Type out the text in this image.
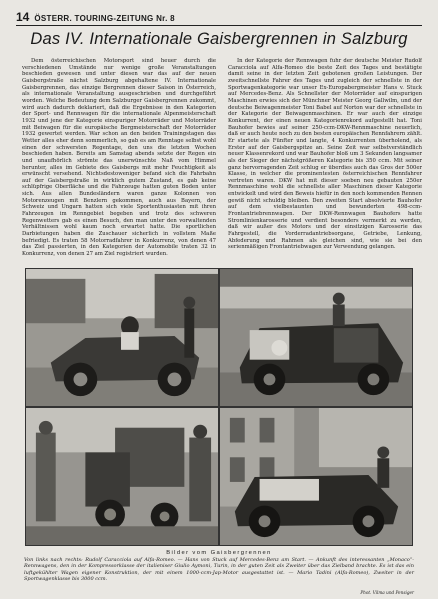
14 ÖSTERR. TOURING-ZEITUNG Nr. 8
Das IV. Internationale Gaisbergrennen in Salzburg

Dem österreichischen Motorsport sind heuer durch die verschiedenen Umstände nur wenige große Veranstaltungen beschieden gewesen und unter diesen war das auf der neuen Gaisbergstraße nächst Salzburg abgehaltene IV. Internationale Gaisbergrennen, das einzige Bergrennen dieser Saison in Österreich, als internationale Veranstaltung ausgeschrieben und durchgeführt worden. Welche Bedeutung dem Salzburger Gaisbergrennen zukommt, wird auch dadurch deklariert, daß die Ergebnisse in den Kategorien der Sport- und Rennwagen für die internationale Alpenmeisterschaft 1932 und jene der Kategorie einspuriger Motorräder und Motorräder mit Beiwagen für die europäische Bergmeisterschaft der Motorräder 1932 gewertet werden. War schon an den beiden Trainingstagen das Wetter alles eher denn sommerlich, so gab es am Renntage selbst wohl einen der schwersten Regentage, den uns die letzten Wochen beschieden haben. Bereits am Samstag abends setzte der Regen ein und unaufhörlich strömte das unerwünschte Naß vom Himmel herunter, alles im Gebiete des Gaisbergs mit mehr Feuchtigkeit als erwünscht versehend. Nichtsdestoweniger befand sich die Fahrbahn auf der Gaisbergstraße in wirklich gutem Zustand, es gab keine schlüpfrige Oberfläche und die Fahrzeuge hatten guten Boden unter sich. Aus allen Bundesländern waren ganze Kolonnen von Motorenzeugen mit Benzlern gekommen, auch aus Bayern, der Schweiz und Ungarn hatten sich viele Sportenthusiasten mit ihren Fahrzeugen im Renngebiet begeben und trotz des schweren Regenwetters gab es einen Besuch, den man unter den vorwaltenden Verhältnissen wohl kaum noch erwartet hatte. Die sportlichen Darbietungen haben die Zuschauer sicherlich in vollstem Maße befriedigt. Es traten 58 Motorradfahrer in Konkurrenz, von denen 47 das Ziel passierten, in den Kategorien der Automobile traten 32 in Konkurrenz, von denen 27 am Ziel registriert wurden.

In der Kategorie der Rennwagen fuhr der deutsche Meister Rudolf Caracciola auf Alfa-Romeo die beste Zeit des Tages und bestätigte damit seine in der letzten Zeit gebotenen großen Leistungen. Der zweitschnellste Fahrer des Tages und zugleich der schnellste in der Sportwagenkategorie war unser Ex-Europabergmeister Hans v. Stuck auf Mercedes-Benz. Als Schnellster der Motorräder auf einspurigen Maschinen erwies sich der Münchner Meister Georg Gallwilm, und der deutsche Beiwagenmeister Toni Babel auf Norton war der schnellste in der Kategorie der Beiwagenmaschinen. Er war auch der einzige Konkurrent, der einen neuen Kategorienrekord aufgestellt hat. Toni Bauhofer bewies auf seiner 250-ccm-DKW-Rennmaschine neuerlich, daß er auch heute noch zu den besten europäischen Rennfahrern zählt. Er startete als Fünfter und langte, 4 Konkurrenten überholend, als Erster auf der Gaisbergspitze an. Seine Zeit war selbstverständlich neuer Klassenrekord und war Bauhofer bloß um 3 Sekunden langsamer als der Sieger der nächstgrößeren Kategorie bis 350 ccm. Mit seiner ganz hervorragenden Zeit schlug er überdies auch das Gros der 500er Klasse, in welcher die prominentesten österreichischen Rennfahrer vertreten waren. DKW hat mit dieser soeben neu gebauten 250er Rennmaschine wohl die schnellste aller Maschinen dieser Kategorie entwickelt und wird den Beweis hiefür in den noch kommenden Rennen gewiß nicht schuldig bleiben. Den zweiten Start absolvierte Bauhofer auf dem vielbestaunten und bewunderten 498-ccm-Frontantriebrennwagen. Der DKW-Rennwagen Bauhofers hatte Stromlinienkarosserie und verdient besonders vermerkt zu werden, daß wir außer des Motors und der einsitzigen Karosserie das Fahrgestell, die Vorderradantriebsorgane, Getriebe, Lenkung, Abfederung und Rahmen als gleichen sind, wie sie bei den serienmäßigen Frontantriebwagen zur Verwendung gelangen.

Bilder vom Gaisbergrennen
Von links nach rechts: Rudolf Caracciola auf Alfa-Romeo. — Hans von Stuck auf Mercedes-Benz am Start. — Ankunft des interessanten „Monaco“-Rennwagens, den in der Kompressorklasse der italieniser Giulio Aymoni, Turin, in der guten Zeit als Zweiter über das Zielband brachte. Es ist das ein luftgekühlter Wagen eigener Konstruktion, der mit einem 1000-ccm-Jap-Motor ausgestattet ist. — Mario Tadini (Alfa-Romeo), Zweiter in der Sportwagenklasse bis 3000 ccm.
Phot. Vilma und Pensiger
